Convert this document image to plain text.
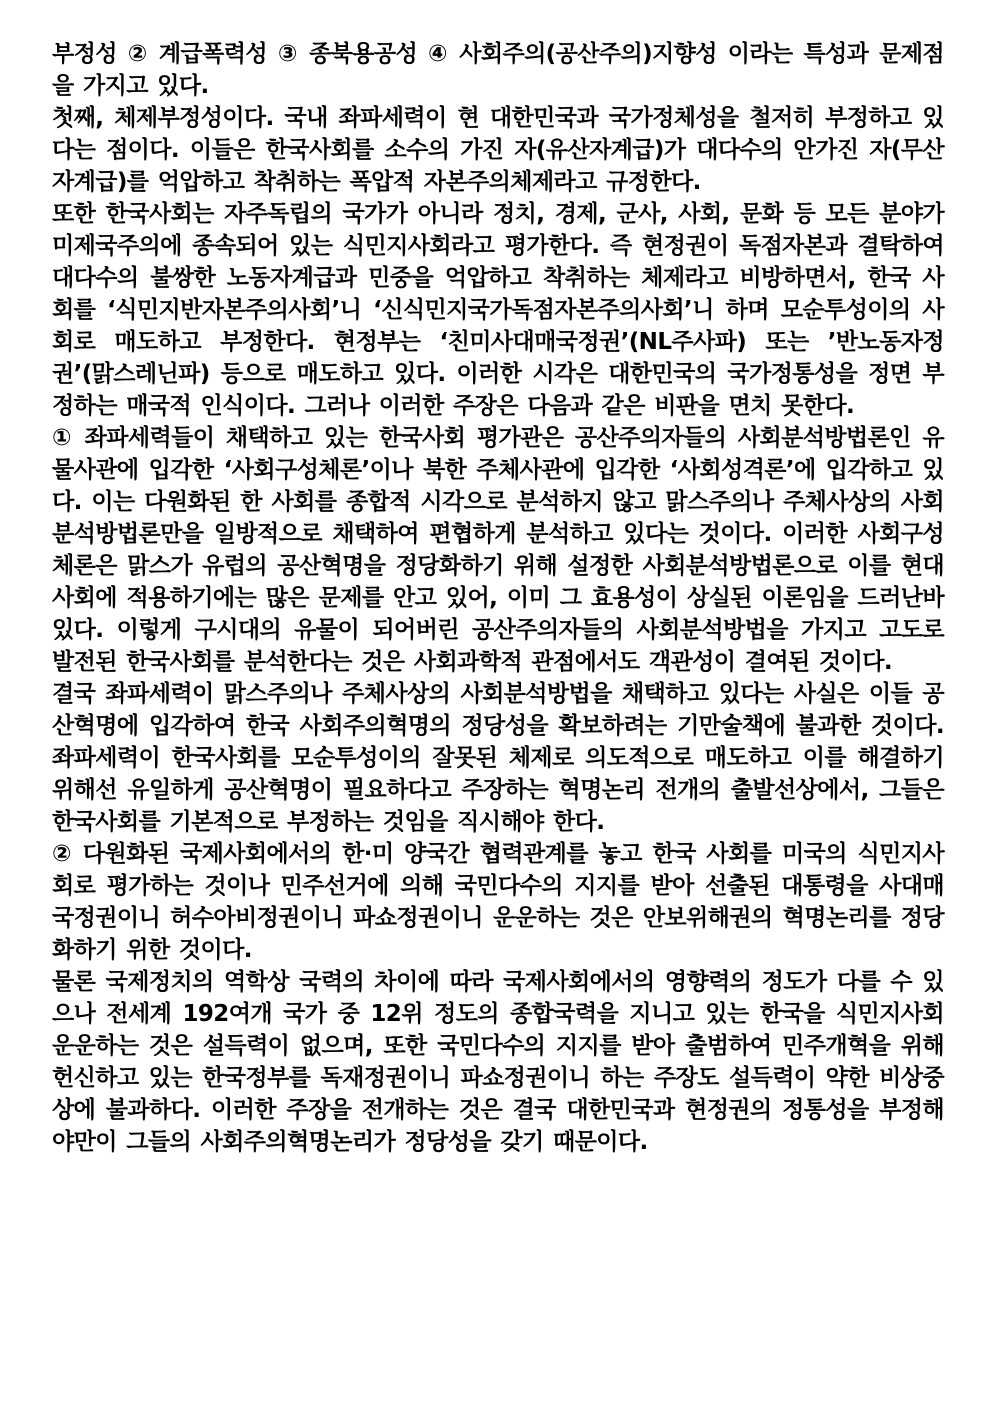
부정성 ② 계급폭력성 ③ 종북용공성 ④ 사회주의(공산주의)지향성 이라는 특성과 문제점을 가지고 있다.

첫째, 체제부정성이다. 국내 좌파세력이 현 대한민국과 국가정체성을 철저히 부정하고 있다는 점이다. 이들은 한국사회를 소수의 가진 자(유산자계급)가 대다수의 안가진 자(무산자계급)를 억압하고 착취하는 폭압적 자본주의체제라고 규정한다.

또한 한국사회는 자주독립의 국가가 아니라 정치, 경제, 군사, 사회, 문화 등 모든 분야가 미제국주의에 종속되어 있는 식민지사회라고 평가한다. 즉 현정권이 독점자본과 결탁하여 대다수의 불쌍한 노동자계급과 민중을 억압하고 착취하는 체제라고 비방하면서, 한국 사회를 ‘식민지반자본주의사회’니 ‘신식민지국가독점자본주의사회’니 하며 모순투성이의 사회로 매도하고 부정한다. 현정부는 ‘친미사대매국정권’(NL주사파) 또는 ’반노동자정권’(맑스레닌파) 등으로 매도하고 있다. 이러한 시각은 대한민국의 국가정통성을 정면 부정하는 매국적 인식이다. 그러나 이러한 주장은 다음과 같은 비판을 면치 못한다.

① 좌파세력들이 채택하고 있는 한국사회 평가관은 공산주의자들의 사회분석방법론인 유물사관에 입각한 ‘사회구성체론’이나 북한 주체사관에 입각한 ‘사회성격론’에 입각하고 있다. 이는 다원화된 한 사회를 종합적 시각으로 분석하지 않고 맑스주의나 주체사상의 사회분석방법론만을 일방적으로 채택하여 편협하게 분석하고 있다는 것이다. 이러한 사회구성체론은 맑스가 유럽의 공산혁명을 정당화하기 위해 설정한 사회분석방법론으로 이를 현대사회에 적용하기에는 많은 문제를 안고 있어, 이미 그 효용성이 상실된 이론임을 드러난바 있다. 이렇게 구시대의 유물이 되어버린 공산주의자들의 사회분석방법을 가지고 고도로 발전된 한국사회를 분석한다는 것은 사회과학적 관점에서도 객관성이 결여된 것이다.

결국 좌파세력이 맑스주의나 주체사상의 사회분석방법을 채택하고 있다는 사실은 이들 공산혁명에 입각하여 한국 사회주의혁명의 정당성을 확보하려는 기만술책에 불과한 것이다. 좌파세력이 한국사회를 모순투성이의 잘못된 체제로 의도적으로 매도하고 이를 해결하기 위해선 유일하게 공산혁명이 필요하다고 주장하는 혁명논리 전개의 출발선상에서, 그들은 한국사회를 기본적으로 부정하는 것임을 직시해야 한다.

② 다원화된 국제사회에서의 한·미 양국간 협력관계를 놓고 한국 사회를 미국의 식민지사회로 평가하는 것이나 민주선거에 의해 국민다수의 지지를 받아 선출된 대통령을 사대매국정권이니 허수아비정권이니 파쇼정권이니 운운하는 것은 안보위해권의 혁명논리를 정당화하기 위한 것이다.

물론 국제정치의 역학상 국력의 차이에 따라 국제사회에서의 영향력의 정도가 다를 수 있으나 전세계 192여개 국가 중 12위 정도의 종합국력을 지니고 있는 한국을 식민지사회 운운하는 것은 설득력이 없으며, 또한 국민다수의 지지를 받아 출범하여 민주개혁을 위해 헌신하고 있는 한국정부를 독재정권이니 파쇼정권이니 하는 주장도 설득력이 약한 비상중상에 불과하다. 이러한 주장을 전개하는 것은 결국 대한민국과 현정권의 정통성을 부정해야만이 그들의 사회주의혁명논리가 정당성을 갖기 때문이다.
